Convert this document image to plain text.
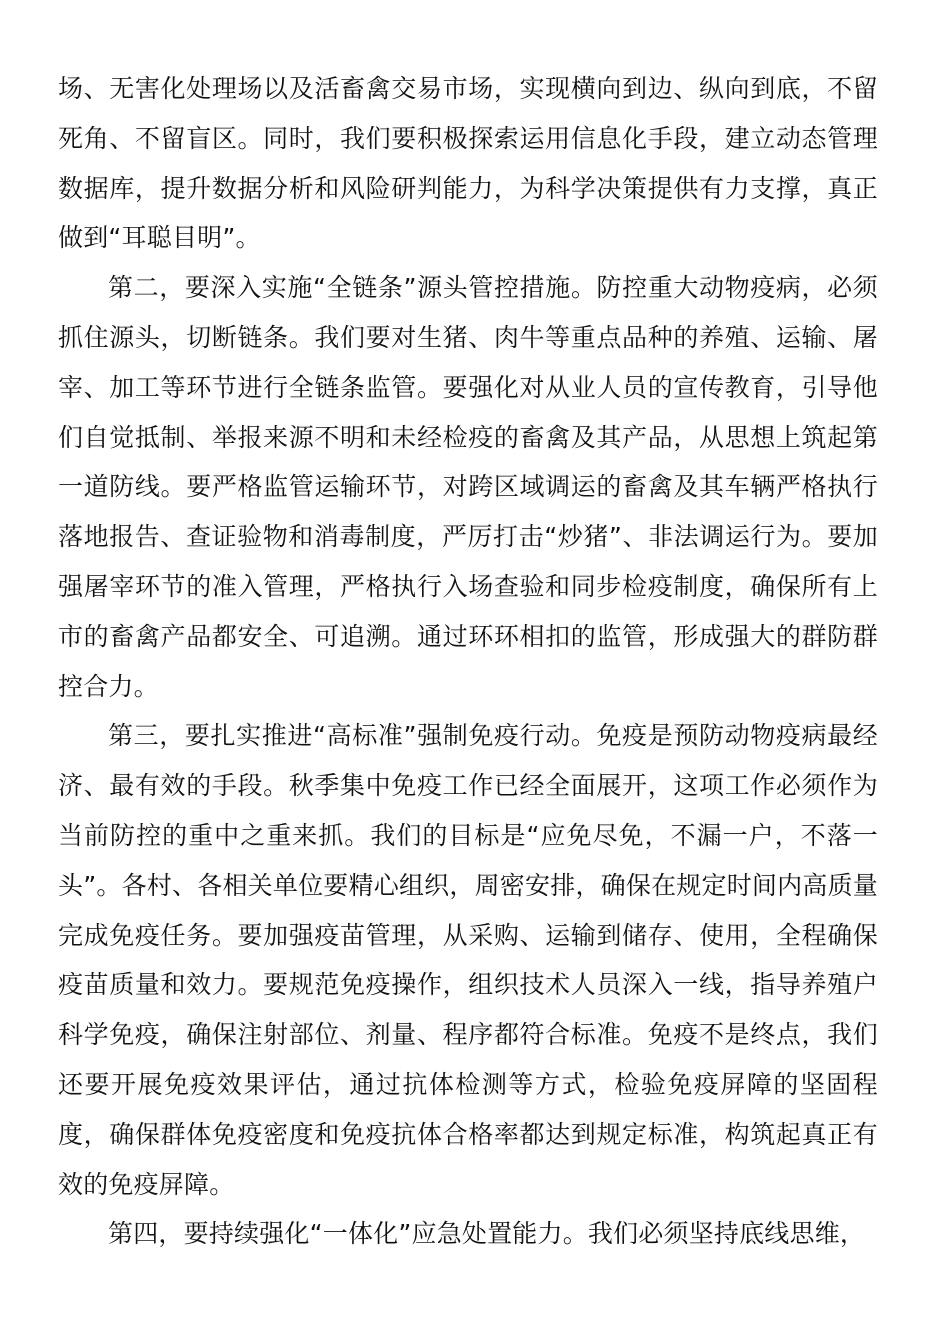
场、无害化处理场以及活畜禽交易市场，实现横向到边、纵向到底，不留死角、不留盲区。同时，我们要积极探索运用信息化手段，建立动态管理数据库，提升数据分析和风险研判能力，为科学决策提供有力支撑，真正做到“耳聪目明”。

第二，要深入实施“全链条”源头管控措施。防控重大动物疫病，必须抓住源头，切断链条。我们要对生猪、肉牛等重点品种的养殖、运输、屠宰、加工等环节进行全链条监管。要强化对从业人员的宣传教育，引导他们自觉抵制、举报来源不明和未经检疫的畜禽及其产品，从思想上筑起第一道防线。要严格监管运输环节，对跨区域调运的畜禽及其车辆严格执行落地报告、查证验物和消毒制度，严厉打击“炒猪”、非法调运行为。要加强屠宰环节的准入管理，严格执行入场查验和同步检疫制度，确保所有上市的畜禽产品都安全、可追溯。通过环环相扣的监管，形成强大的群防群控合力。

第三，要扎实推进“高标准”强制免疫行动。免疫是预防动物疫病最经济、最有效的手段。秋季集中免疫工作已经全面展开，这项工作必须作为当前防控的重中之重来抓。我们的目标是“应免尽免，不漏一户，不落一头”。各村、各相关单位要精心组织，周密安排，确保在规定时间内高质量完成免疫任务。要加强疫苗管理，从采购、运输到储存、使用，全程确保疫苗质量和效力。要规范免疫操作，组织技术人员深入一线，指导养殖户科学免疫，确保注射部位、剂量、程序都符合标准。免疫不是终点，我们还要开展免疫效果评估，通过抗体检测等方式，检验免疫屏障的坚固程度，确保群体免疫密度和免疫抗体合格率都达到规定标准，构筑起真正有效的免疫屏障。

第四，要持续强化“一体化”应急处置能力。我们必须坚持底线思维，
